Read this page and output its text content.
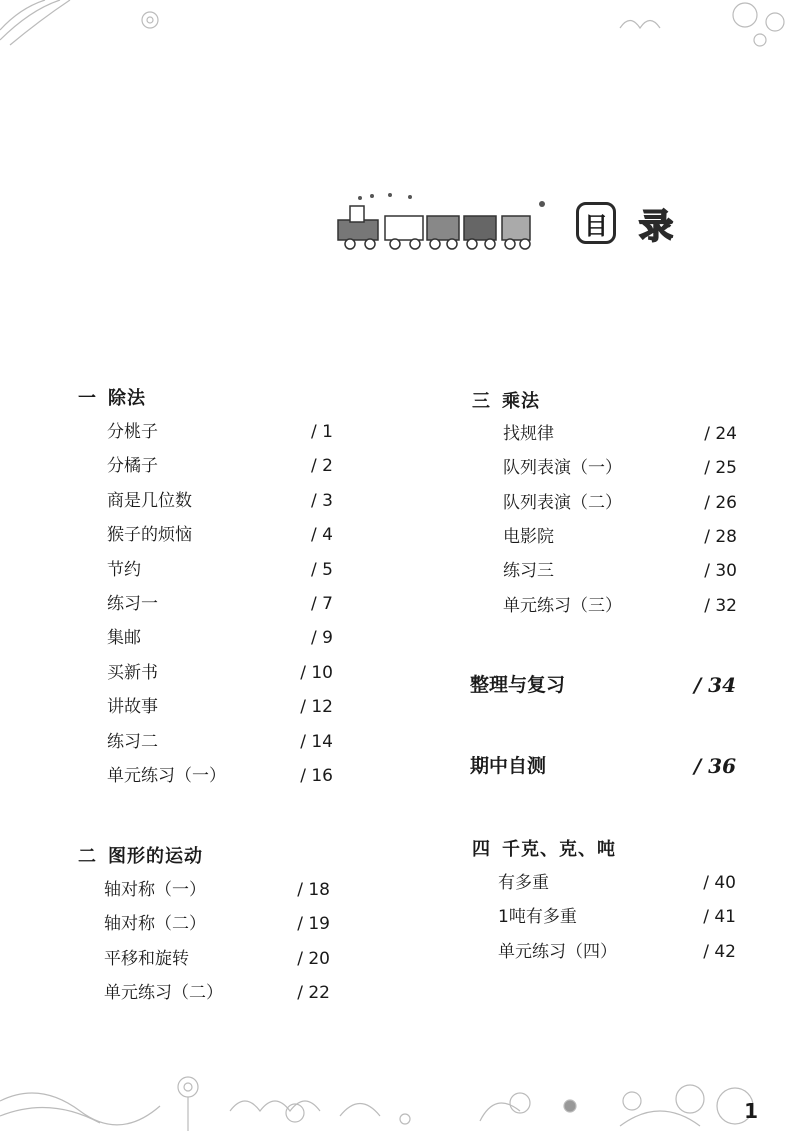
目 录
一 除法
分桃子	/ 1
分橘子	/ 2
商是几位数	/ 3
猴子的烦恼	/ 4
节约	/ 5
练习一	/ 7
集邮	/ 9
买新书	/ 10
讲故事	/ 12
练习二	/ 14
单元练习（一）	/ 16
二 图形的运动
轴对称（一）	/ 18
轴对称（二）	/ 19
平移和旋转	/ 20
单元练习（二）	/ 22
三 乘法
找规律	/ 24
队列表演（一）	/ 25
队列表演（二）	/ 26
电影院	/ 28
练习三	/ 30
单元练习（三）	/ 32
整理与复习	/ 34
期中自测	/ 36
四 千克、克、吨
有多重	/ 40
1吨有多重	/ 41
单元练习（四）	/ 42
1
